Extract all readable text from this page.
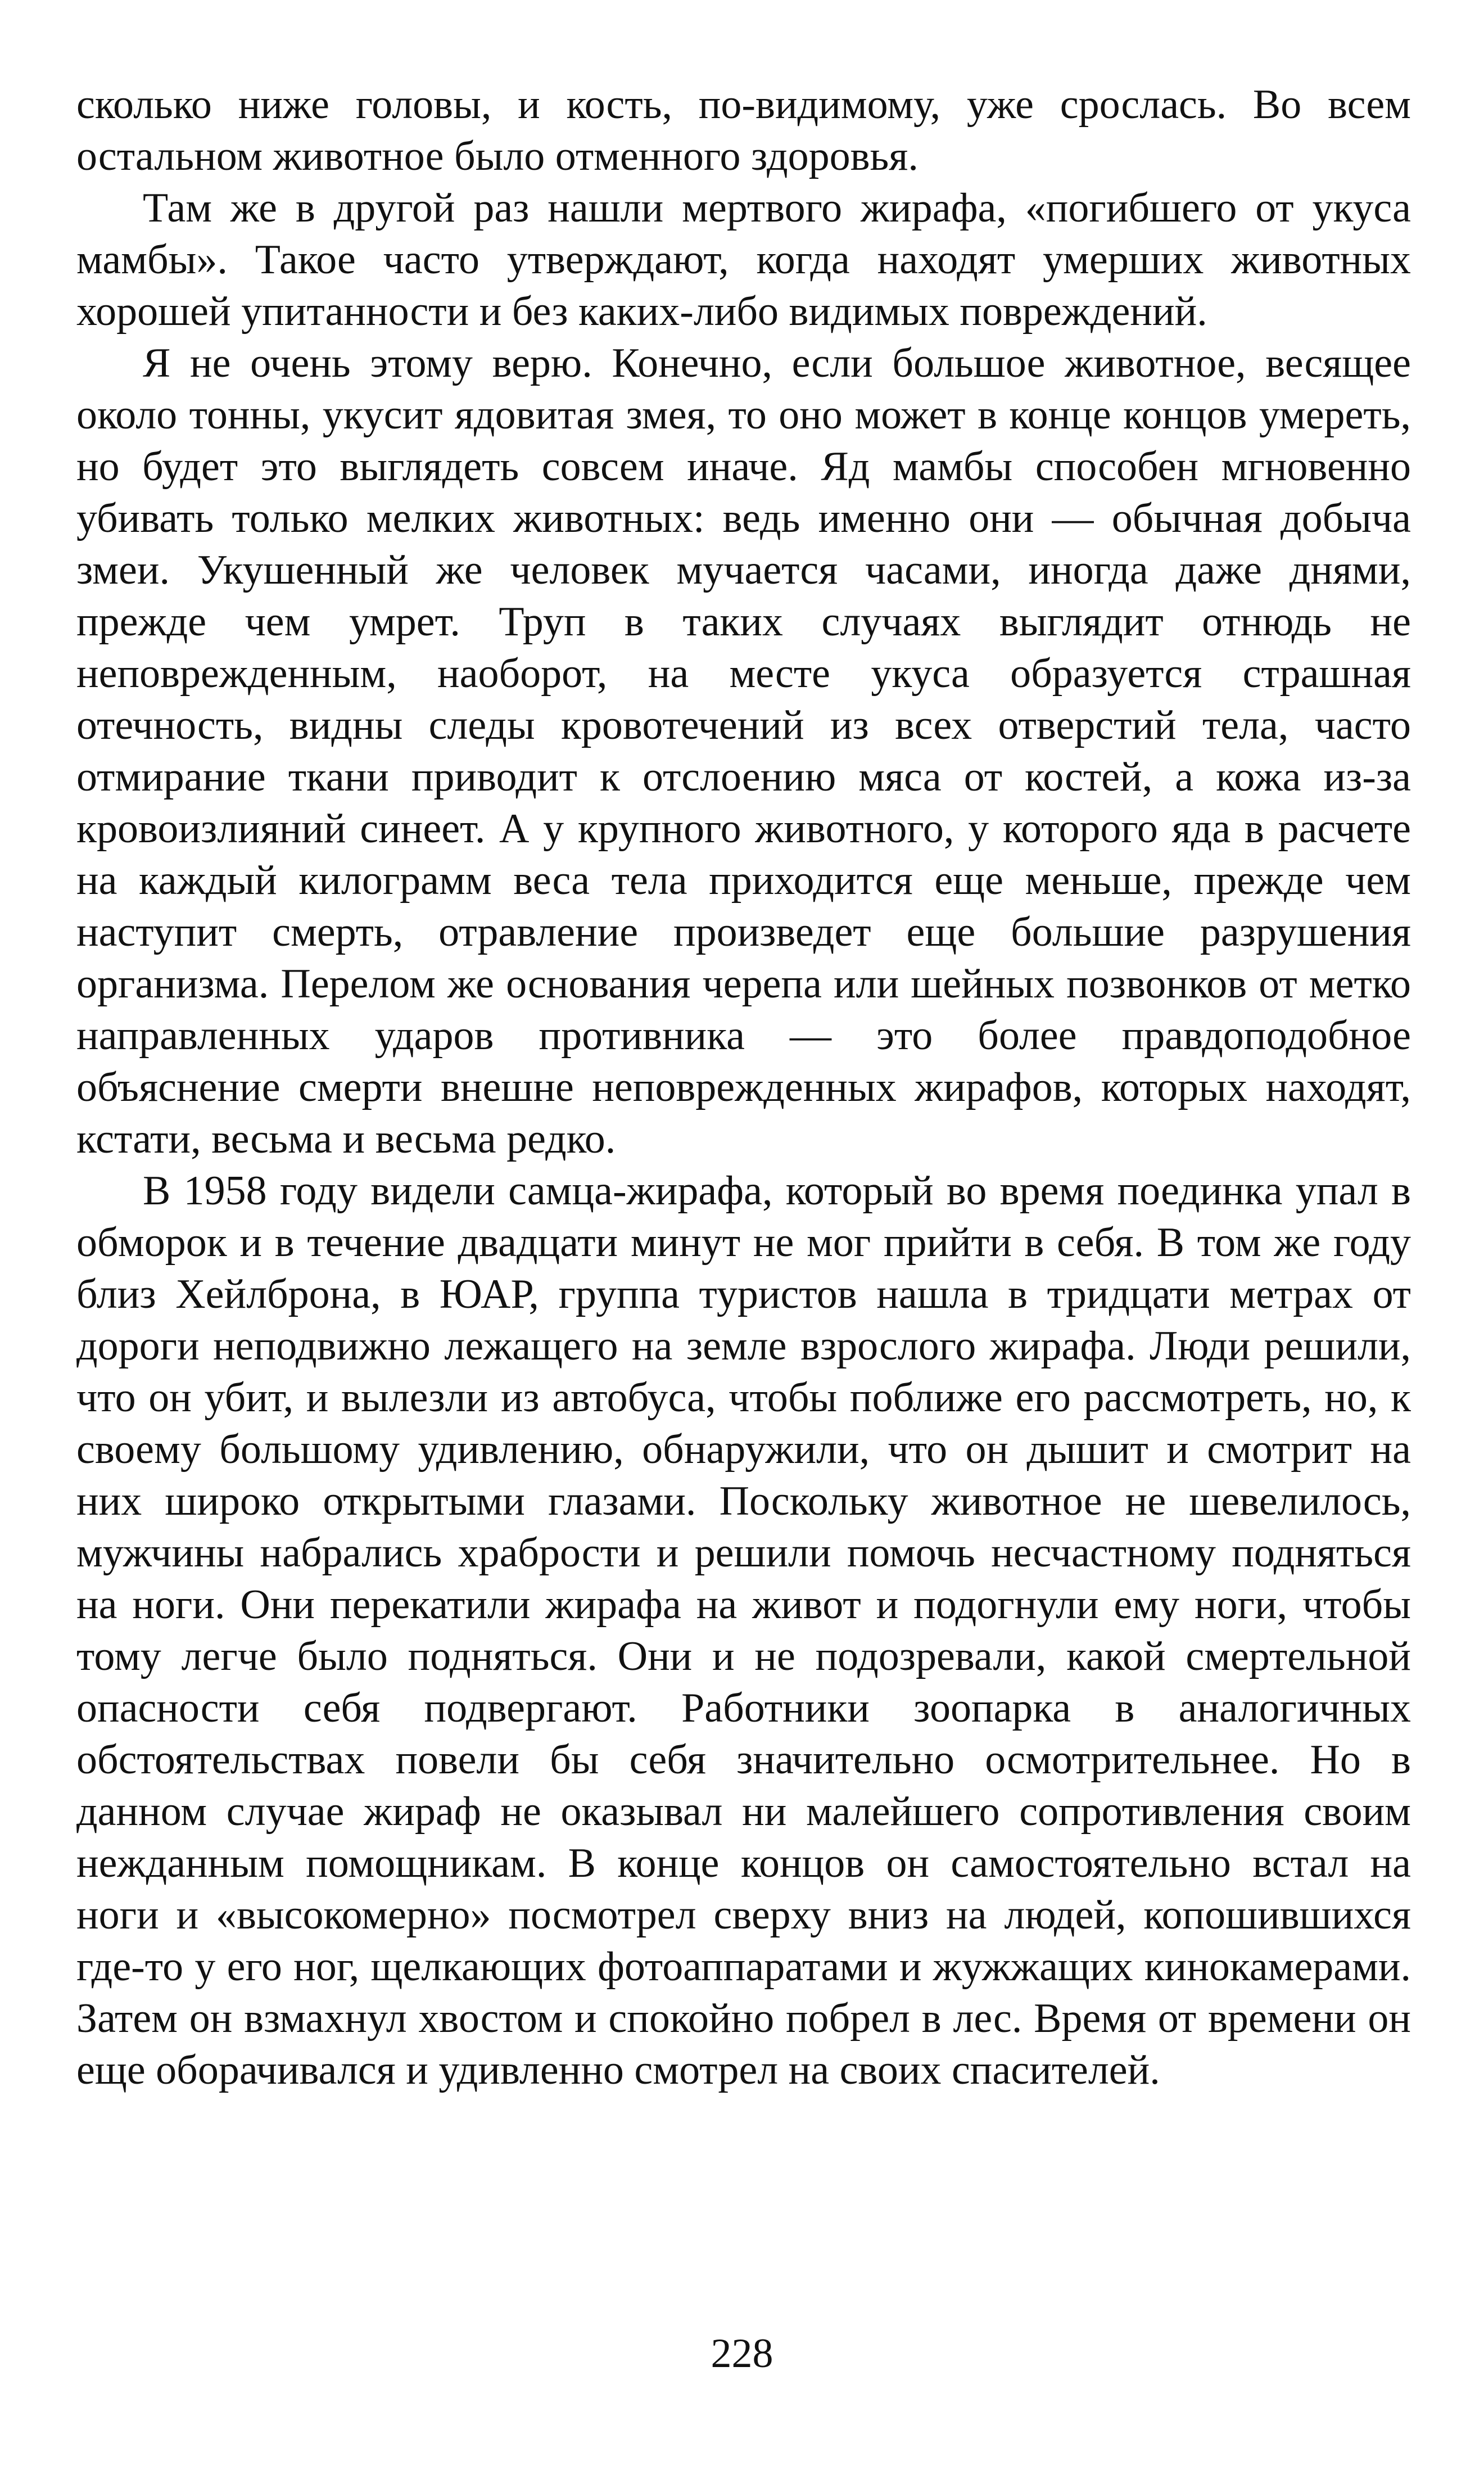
сколько ниже головы, и кость, по-видимому, уже срослась. Во всем остальном животное было отменного здоровья.

Там же в другой раз нашли мертвого жирафа, «погибшего от укуса мамбы». Такое часто утверждают, когда находят умерших животных хорошей упитанности и без каких-либо видимых повреждений.

Я не очень этому верю. Конечно, если большое животное, весящее около тонны, укусит ядовитая змея, то оно может в конце концов умереть, но будет это выглядеть совсем иначе. Яд мамбы способен мгновенно убивать только мелких животных: ведь именно они — обычная добыча змеи. Укушенный же человек мучается часами, иногда даже днями, прежде чем умрет. Труп в таких случаях выглядит отнюдь не неповрежденным, наоборот, на месте укуса образуется страшная отечность, видны следы кровотечений из всех отверстий тела, часто отмирание ткани приводит к отслоению мяса от костей, а кожа из-за кровоизлияний синеет. А у крупного животного, у которого яда в расчете на каждый килограмм веса тела приходится еще меньше, прежде чем наступит смерть, отравление произведет еще большие разрушения организма. Перелом же основания черепа или шейных позвонков от метко направленных ударов противника — это более правдоподобное объяснение смерти внешне неповрежденных жирафов, которых находят, кстати, весьма и весьма редко.

В 1958 году видели самца-жирафа, который во время поединка упал в обморок и в течение двадцати минут не мог прийти в себя. В том же году близ Хейлброна, в ЮАР, группа туристов нашла в тридцати метрах от дороги неподвижно лежащего на земле взрослого жирафа. Люди решили, что он убит, и вылезли из автобуса, чтобы поближе его рассмотреть, но, к своему большому удивлению, обнаружили, что он дышит и смотрит на них широко открытыми глазами. Поскольку животное не шевелилось, мужчины набрались храбрости и решили помочь несчастному подняться на ноги. Они перекатили жирафа на живот и подогнули ему ноги, чтобы тому легче было подняться. Они и не подозревали, какой смертельной опасности себя подвергают. Работники зоопарка в аналогичных обстоятельствах повели бы себя значительно осмотрительнее. Но в данном случае жираф не оказывал ни малейшего сопротивления своим нежданным помощникам. В конце концов он самостоятельно встал на ноги и «высокомерно» посмотрел сверху вниз на людей, копошившихся где-то у его ног, щелкающих фотоаппаратами и жужжащих кинокамерами. Затем он взмахнул хвостом и спокойно побрел в лес. Время от времени он еще оборачивался и удивленно смотрел на своих спасителей.

228
